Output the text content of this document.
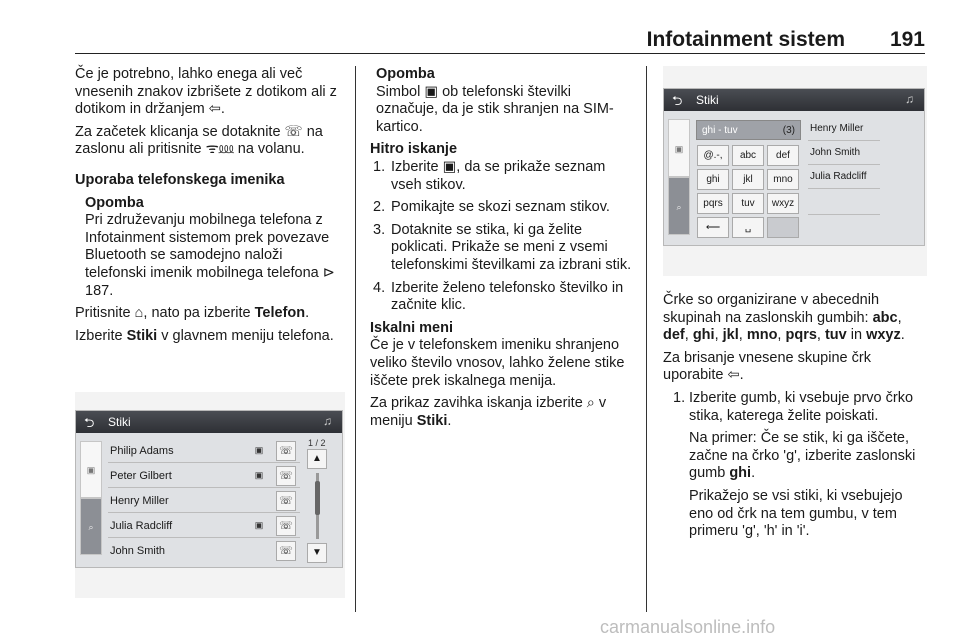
Infotainment sistem 191

Če je potrebno, lahko enega ali več vnesenih znakov izbrišete z dotikom ali z dotikom in držanjem ⇦.

Za začetek klicanja se dotaknite ☏ na zaslonu ali pritisnite ᯤ⅏ na volanu.

Uporaba telefonskega imenika

Opomba

Pri združevanju mobilnega telefona z Infotainment sistemom prek povezave Bluetooth se samodejno naloži telefonski imenik mobilnega telefona ⊳ 187.

Pritisnite ⌂, nato pa izberite Telefon.

Izberite Stiki v glavnem meniju telefona.

⮌ Stiki	♫
▣
⌕
Philip Adams	▣ ☏
Peter Gilbert	▣ ☏
Henry Miller	☏
Julia Radcliff	▣ ☏
John Smith	☏
1 / 2
▲
▼
Opomba

Simbol ▣ ob telefonski številki označuje, da je stik shranjen na SIM-kartico.

Hitro iskanje
1. Izberite ▣, da se prikaže seznam vseh stikov.
2. Pomikajte se skozi seznam stikov.
3. Dotaknite se stika, ki ga želite poklicati. Prikaže se meni z vsemi telefonskimi številkami za izbrani stik.
4. Izberite želeno telefonsko številko in začnite klic.
Iskalni meni

Če je v telefonskem imeniku shranjeno veliko število vnosov, lahko želene stike iščete prek iskalnega menija.

Za prikaz zavihka iskanja izberite ⌕ v meniju Stiki.

⮌ Stiki	♫
▣
⌕
ghi - tuv	(3)
@.-,	abc	def
ghi	jkl	mno
pqrs	tuv	wxyz
⟵	␣
Henry Miller
John Smith
Julia Radcliff

Črke so organizirane v abecednih skupinah na zaslonskih gumbih: abc, def, ghi, jkl, mno, pqrs, tuv in wxyz.

Za brisanje vnesene skupine črk uporabite ⇦.

1. Izberite gumb, ki vsebuje prvo črko stika, katerega želite poiskati.

Na primer: Če se stik, ki ga iščete, začne na črko 'g', izberite zaslonski gumb ghi.

Prikažejo se vsi stiki, ki vsebujejo eno od črk na tem gumbu, v tem primeru 'g', 'h' in 'i'.

carmanualsonline.info
